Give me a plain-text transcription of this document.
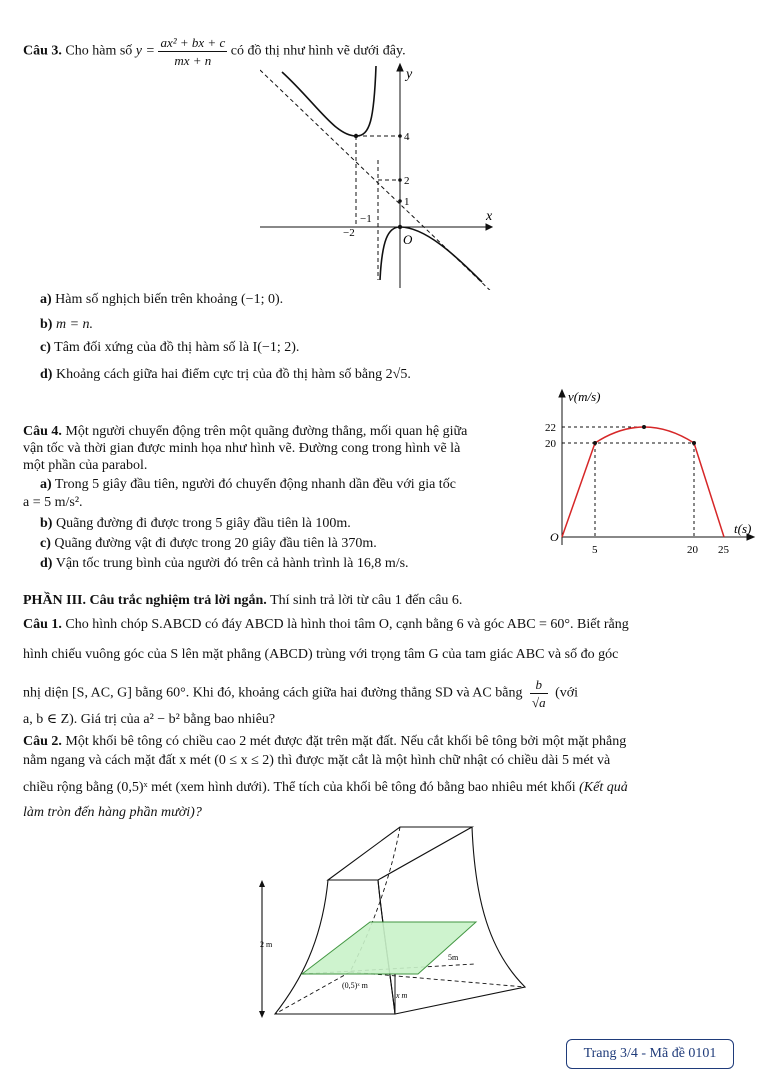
Câu 3. Cho hàm số $y = \frac{\text{ax² + bx + c}}{mx + n}$ có đồ thị như hình vẽ dưới đây.
y
x
O
4
2
1
−1
−2
a) Hàm số nghịch biến trên khoảng (−1; 0).
b) m = n.
c) Tâm đối xứng của đồ thị hàm số là I(−1; 2).
d) Khoảng cách giữa hai điểm cực trị của đồ thị hàm số bằng 2√5.
Câu 4. Một người chuyển động trên một quãng đường thẳng, mối quan hệ giữa
vận tốc và thời gian được minh họa như hình vẽ. Đường cong trong hình vẽ là
một phần của parabol.
a) Trong 5 giây đầu tiên, người đó chuyển động nhanh dần đều với gia tốc
a = 5 m/s².
b) Quãng đường đi được trong 5 giây đầu tiên là 100m.
c) Quãng đường vật đi được trong 20 giây đầu tiên là 370m.
d) Vận tốc trung bình của người đó trên cả hành trình là 16,8 m/s.
v(m/s)
t(s)
O
22
20
5	20 25
PHẦN III. Câu trắc nghiệm trả lời ngắn. Thí sinh trả lời từ câu 1 đến câu 6.
Câu 1. Cho hình chóp S.ABCD có đáy ABCD là hình thoi tâm O, cạnh bằng 6 và góc ABC = 60°. Biết rằng
hình chiếu vuông góc của S lên mặt phẳng (ABCD) trùng với trọng tâm G của tam giác ABC và số đo góc
nhị diện [S, AC, G] bằng 60°. Khi đó, khoảng cách giữa hai đường thẳng SD và AC bằng $\frac{b}{√a}$ (với
a, b ∈ Z). Giá trị của a² − b² bằng bao nhiêu?
Câu 2. Một khối bê tông có chiều cao 2 mét được đặt trên mặt đất. Nếu cắt khối bê tông bởi một mặt phẳng
nằm ngang và cách mặt đất x mét (0 ≤ x ≤ 2) thì được mặt cắt là một hình chữ nhật có chiều dài 5 mét và
chiều rộng bằng (0,5)ˣ mét (xem hình dưới). Thể tích của khối bê tông đó bằng bao nhiêu mét khối (Kết quả
làm tròn đến hàng phần mười)?
2 m
5m
(0,5)ˣ m
x m
Trang 3/4 - Mã đề 0101
